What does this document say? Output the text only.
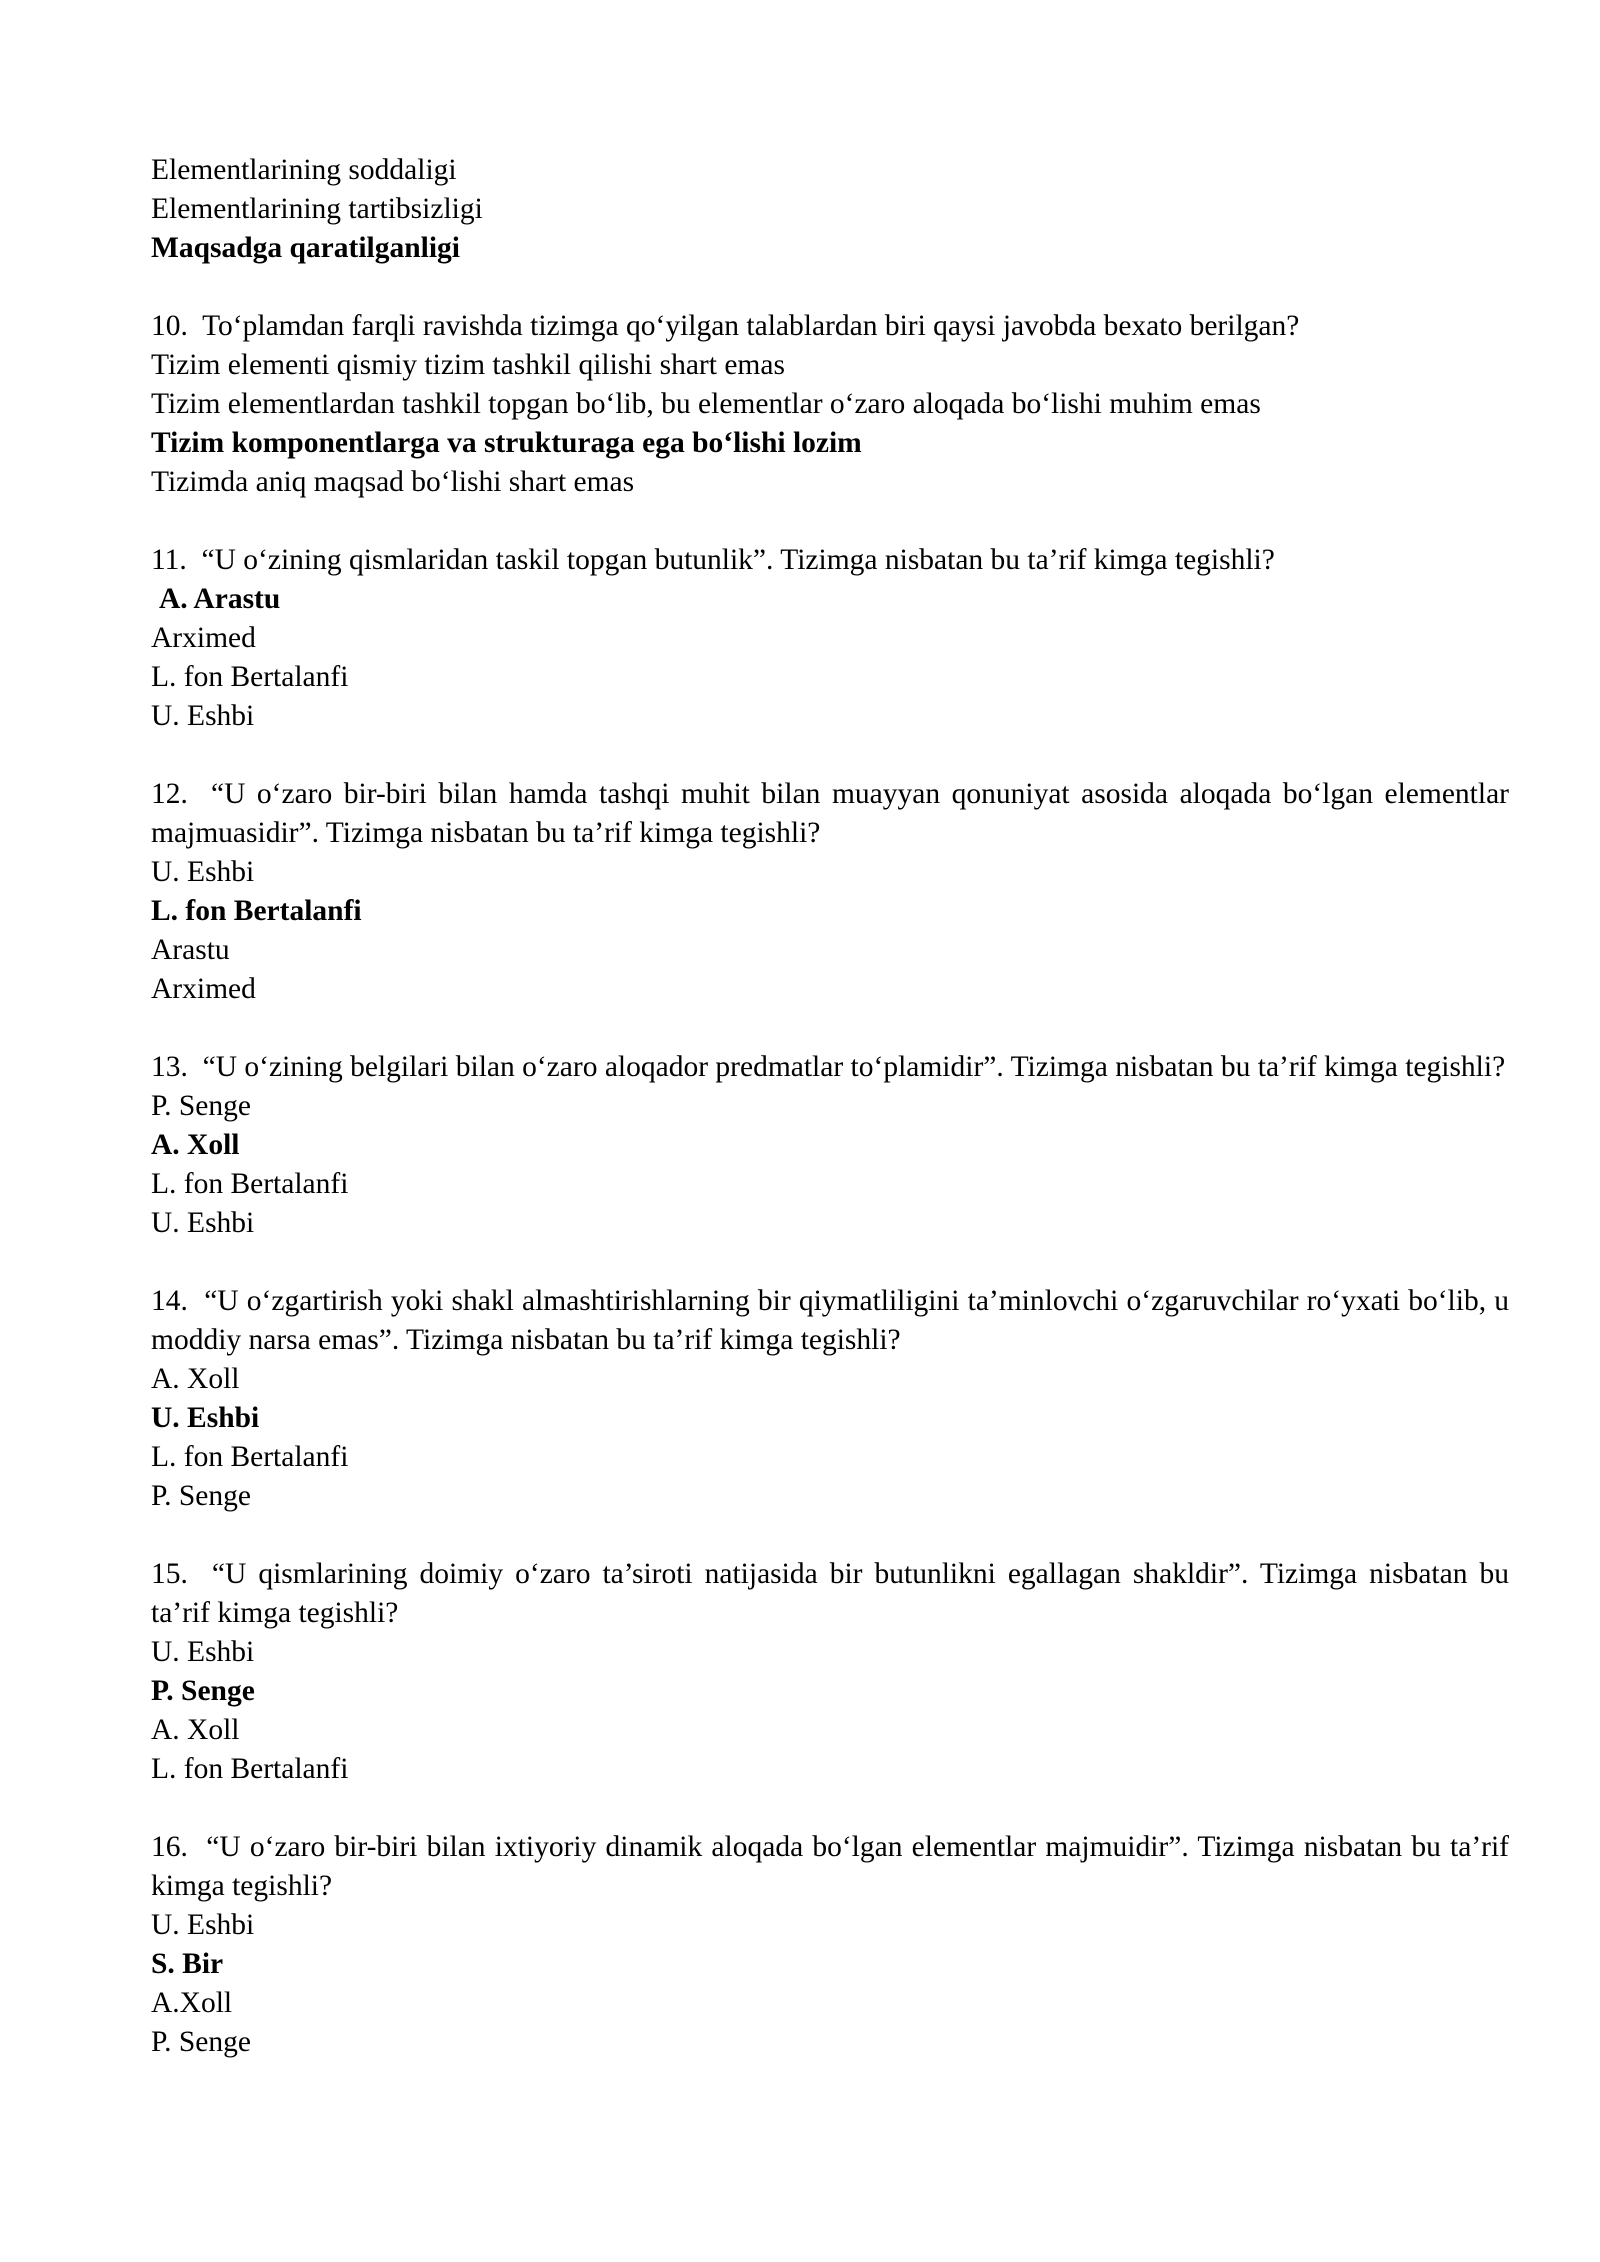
Elementlarining soddaligi

Elementlarining tartibsizligi

Maqsadga qaratilganligi

10.  To‘plamdan farqli ravishda tizimga qo‘yilgan talablardan biri qaysi javobda bexato berilgan?

Tizim elementi qismiy tizim tashkil qilishi shart emas

Tizim elementlardan tashkil topgan bo‘lib, bu elementlar o‘zaro aloqada bo‘lishi muhim emas

Tizim komponentlarga va strukturaga ega bo‘lishi lozim

Tizimda aniq maqsad bo‘lishi shart emas

11.  “U o‘zining qismlaridan taskil topgan butunlik”. Tizimga nisbatan bu ta’rif kimga tegishli?

A. Arastu

Arximed

L. fon Bertalanfi

U. Eshbi

12.  “U o‘zaro bir-biri bilan hamda tashqi muhit bilan muayyan qonuniyat asosida aloqada bo‘lgan elementlar majmuasidir”. Tizimga nisbatan bu ta’rif kimga tegishli?

U. Eshbi

L. fon Bertalanfi

Arastu

Arximed

13.  “U o‘zining belgilari bilan o‘zaro aloqador predmatlar to‘plamidir”. Tizimga nisbatan bu ta’rif kimga tegishli?

P. Senge

A. Xoll

L. fon Bertalanfi

U. Eshbi

14.  “U o‘zgartirish yoki shakl almashtirishlarning bir qiymatliligini ta’minlovchi o‘zgaruvchilar ro‘yxati bo‘lib, u moddiy narsa emas”. Tizimga nisbatan bu ta’rif kimga tegishli?

A. Xoll

U. Eshbi

L. fon Bertalanfi

P. Senge

15.  “U qismlarining doimiy o‘zaro ta’siroti natijasida bir butunlikni egallagan shakldir”. Tizimga nisbatan bu ta’rif kimga tegishli?

U. Eshbi

P. Senge

A. Xoll

L. fon Bertalanfi

16.  “U o‘zaro bir-biri bilan ixtiyoriy dinamik aloqada bo‘lgan elementlar majmuidir”. Tizimga nisbatan bu ta’rif kimga tegishli?

U. Eshbi

S. Bir

A.Xoll

P. Senge
